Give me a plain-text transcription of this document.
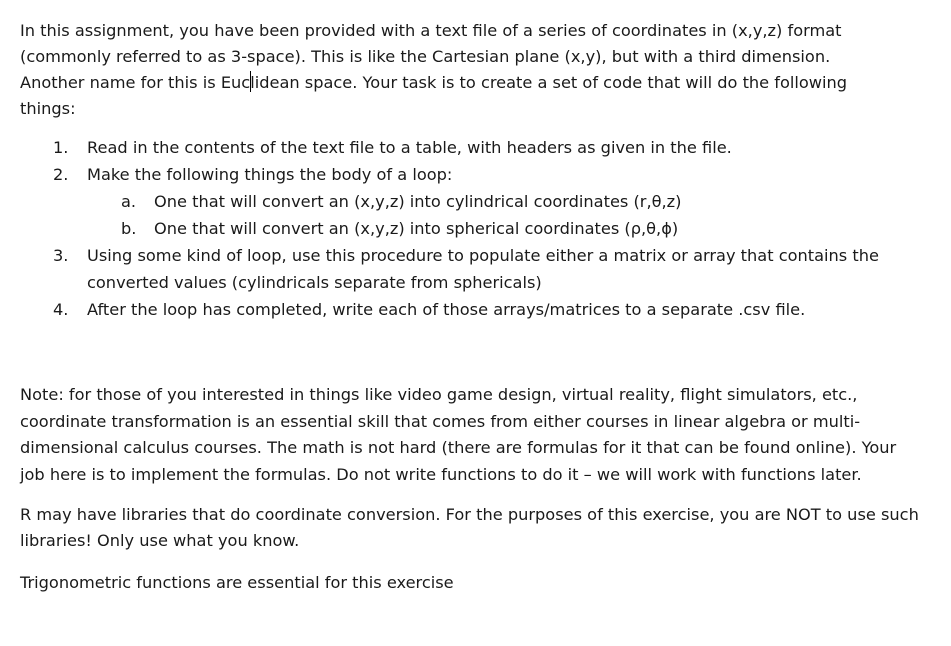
In this assignment, you have been provided with a text file of a series of coordinates in (x,y,z) format (commonly referred to as 3-space). This is like the Cartesian plane (x,y), but with a third dimension. Another name for this is Euclidean space. Your task is to create a set of code that will do the following things:

1. Read in the contents of the text file to a table, with headers as given in the file.
2. Make the following things the body of a loop:
a. One that will convert an (x,y,z) into cylindrical coordinates (r,θ,z)
b. One that will convert an (x,y,z) into spherical coordinates (ρ,θ,ϕ)
3. Using some kind of loop, use this procedure to populate either a matrix or array that contains the converted values (cylindricals separate from sphericals)
4. After the loop has completed, write each of those arrays/matrices to a separate .csv file.

Note: for those of you interested in things like video game design, virtual reality, flight simulators, etc., coordinate transformation is an essential skill that comes from either courses in linear algebra or multi-dimensional calculus courses. The math is not hard (there are formulas for it that can be found online). Your job here is to implement the formulas. Do not write functions to do it – we will work with functions later.

R may have libraries that do coordinate conversion. For the purposes of this exercise, you are NOT to use such libraries! Only use what you know.

Trigonometric functions are essential for this exercise
